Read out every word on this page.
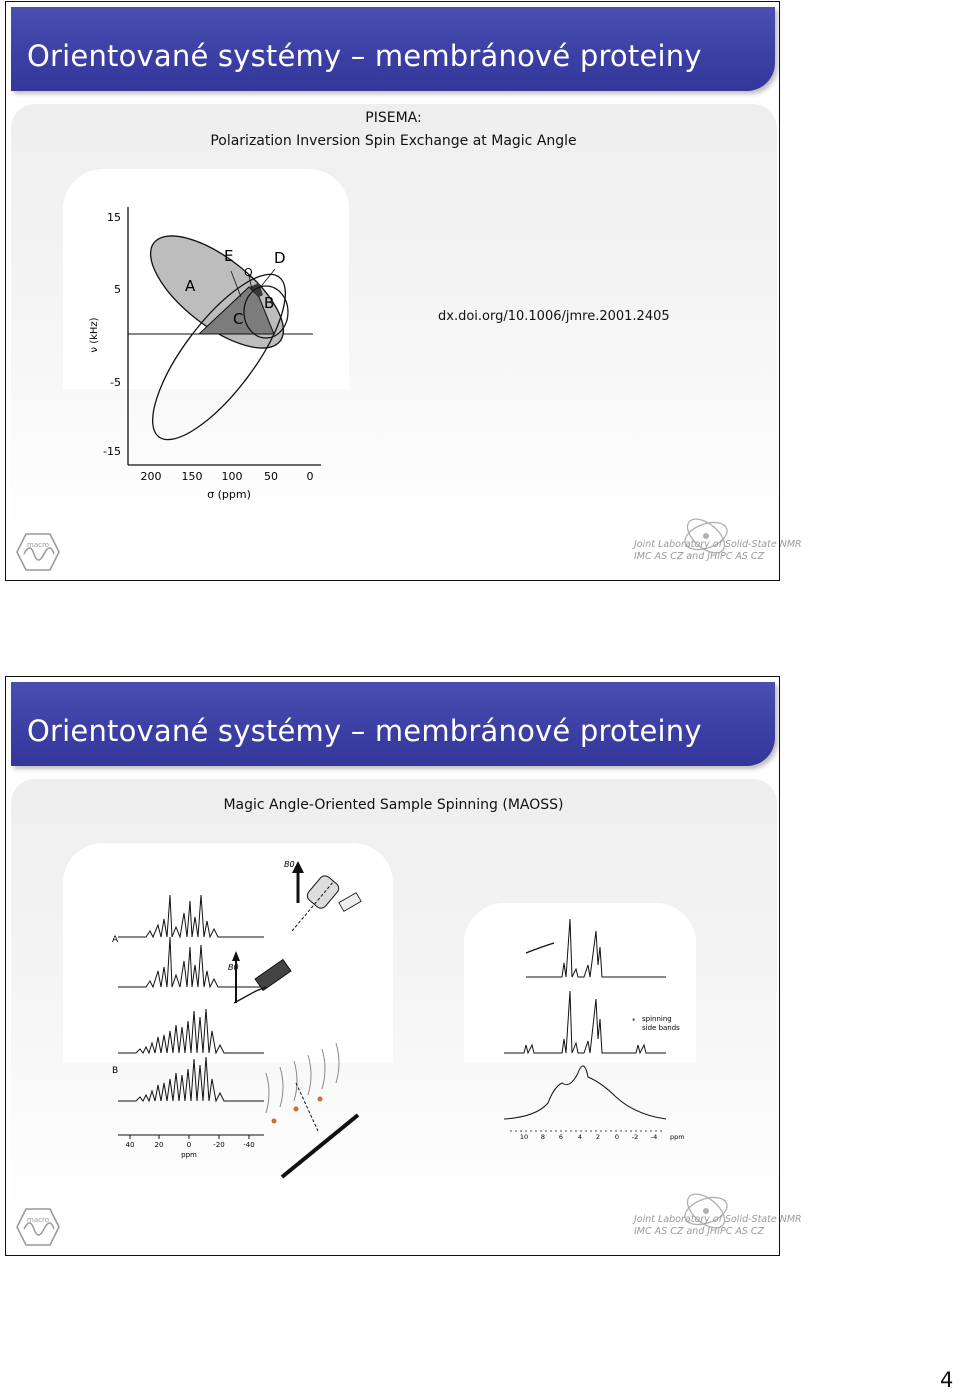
Orientované systémy – membránové proteiny
PISEMA:
Polarization Inversion Spin Exchange at Magic Angle
15
5
-5
-15
ν (kHz)
200 150 100 50	0
σ (ppm)
A
E
Q
D
B
C	dx.doi.org/10.1006/jmre.2001.2405
macro	Joint Laboratory of Solid-State NMR
IMC AS CZ and JHIPC AS CZ
Orientované systémy – membránové proteiny
Magic Angle-Oriented Sample Spinning (MAOSS)
A
B
B0
B0
40	20	0	-20	-40
ppm
* spinning
side bands
10 8 6 4 2 0 -2 -4 ppm
macro	Joint Laboratory of Solid-State NMR
IMC AS CZ and JHIPC AS CZ
4
